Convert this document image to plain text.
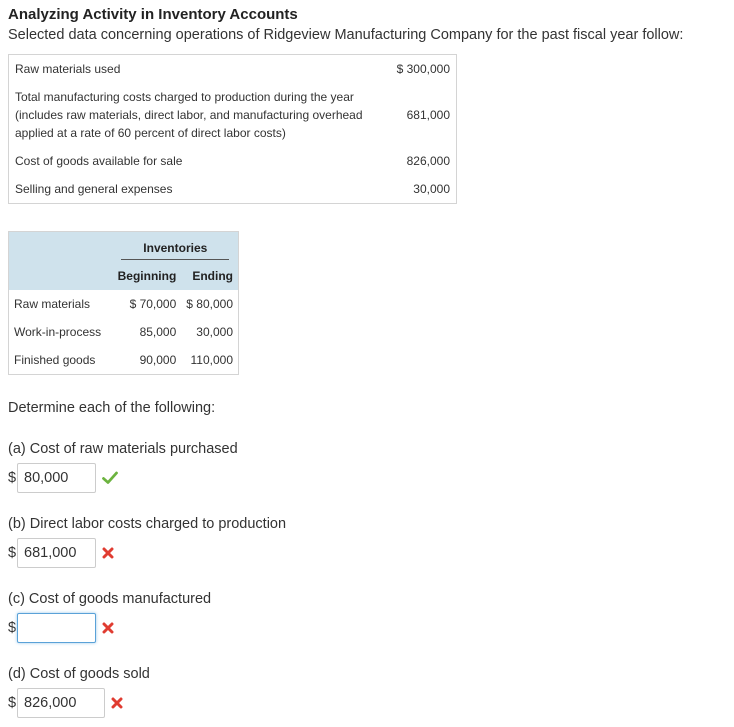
Analyzing Activity in Inventory Accounts
Selected data concerning operations of Ridgeview Manufacturing Company for the past fiscal year follow:
Raw materials used	$ 300,000
Total manufacturing costs charged to production during the year (includes raw materials, direct labor, and manufacturing overhead applied at a rate of 60 percent of direct labor costs)	681,000
Cost of goods available for sale	826,000
Selling and general expenses	30,000
	Inventories	
	Beginning	Ending
Raw materials	$ 70,000	$ 80,000
Work-in-process	85,000	30,000
Finished goods	90,000	110,000
Determine each of the following:
(a) Cost of raw materials purchased
$
80,000
(b) Direct labor costs charged to production
$
681,000
(c) Cost of goods manufactured
$
(d) Cost of goods sold
$
826,000
